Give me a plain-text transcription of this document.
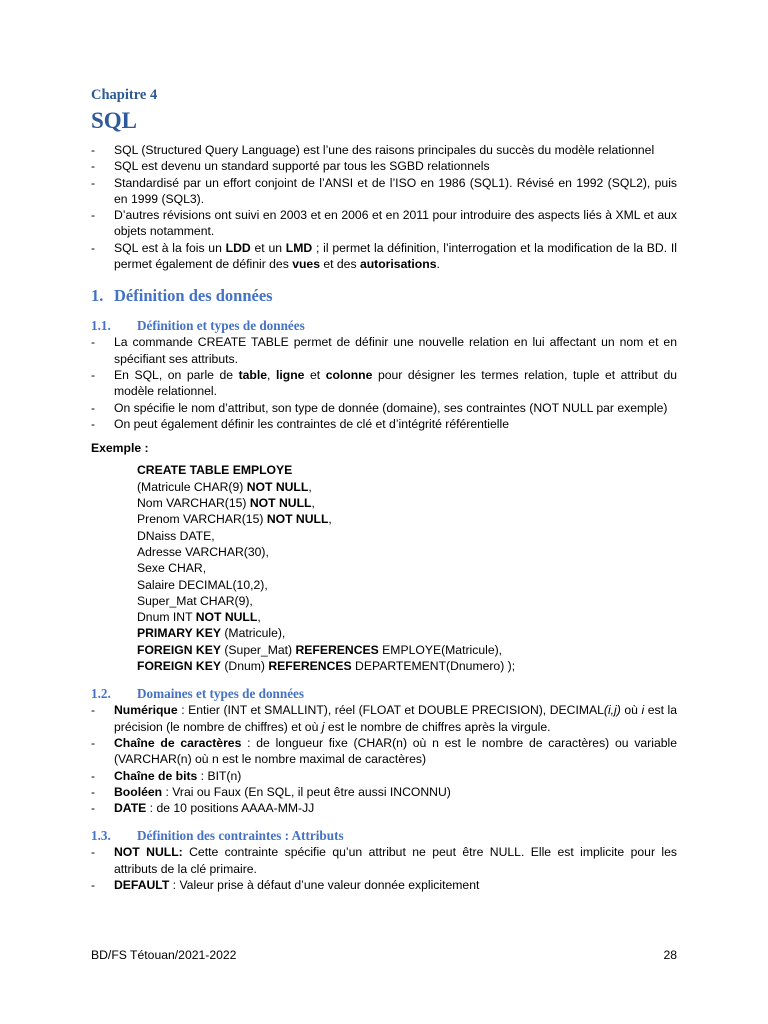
Chapitre 4
SQL
- SQL (Structured Query Language) est l’une des raisons principales du succès du modèle relationnel
- SQL est devenu un standard supporté par tous les SGBD relationnels
- Standardisé par un effort conjoint de l’ANSI et de l’ISO en 1986 (SQL1). Révisé en 1992 (SQL2), puis en 1999 (SQL3).
- D’autres révisions ont suivi en 2003 et en 2006 et en 2011 pour introduire des aspects liés à XML et aux objets notamment.
- SQL est à la fois un LDD et un LMD ; il permet la définition, l’interrogation et la modification de la BD. Il permet également de définir des vues et des autorisations.
1. Définition des données
1.1. Définition et types de données
- La commande CREATE TABLE permet de définir une nouvelle relation en lui affectant un nom et en spécifiant ses attributs.
- En SQL, on parle de table, ligne et colonne pour désigner les termes relation, tuple et attribut du modèle relationnel.
- On spécifie le nom d’attribut, son type de donnée (domaine), ses contraintes (NOT NULL par exemple)
- On peut également définir les contraintes de clé et d’intégrité référentielle
Exemple :
CREATE TABLE EMPLOYE
(Matricule CHAR(9) NOT NULL,
Nom VARCHAR(15) NOT NULL,
Prenom VARCHAR(15) NOT NULL,
DNaiss DATE,
Adresse VARCHAR(30),
Sexe CHAR,
Salaire DECIMAL(10,2),
Super_Mat CHAR(9),
Dnum INT NOT NULL,
PRIMARY KEY (Matricule),
FOREIGN KEY (Super_Mat) REFERENCES EMPLOYE(Matricule),
FOREIGN KEY (Dnum) REFERENCES DEPARTEMENT(Dnumero) );
1.2. Domaines et types de données
- Numérique : Entier (INT et SMALLINT), réel (FLOAT et DOUBLE PRECISION), DECIMAL(i,j) où i est la précision (le nombre de chiffres) et où j est le nombre de chiffres après la virgule.
- Chaîne de caractères : de longueur fixe (CHAR(n) où n est le nombre de caractères) ou variable (VARCHAR(n) où n est le nombre maximal de caractères)
- Chaîne de bits : BIT(n)
- Booléen : Vrai ou Faux (En SQL, il peut être aussi INCONNU)
- DATE : de 10 positions AAAA-MM-JJ
1.3. Définition des contraintes : Attributs
- NOT NULL: Cette contrainte spécifie qu’un attribut ne peut être NULL. Elle est implicite pour les attributs de la clé primaire.
- DEFAULT : Valeur prise à défaut d’une valeur donnée explicitement
BD/FS Tétouan/2021-2022	28
